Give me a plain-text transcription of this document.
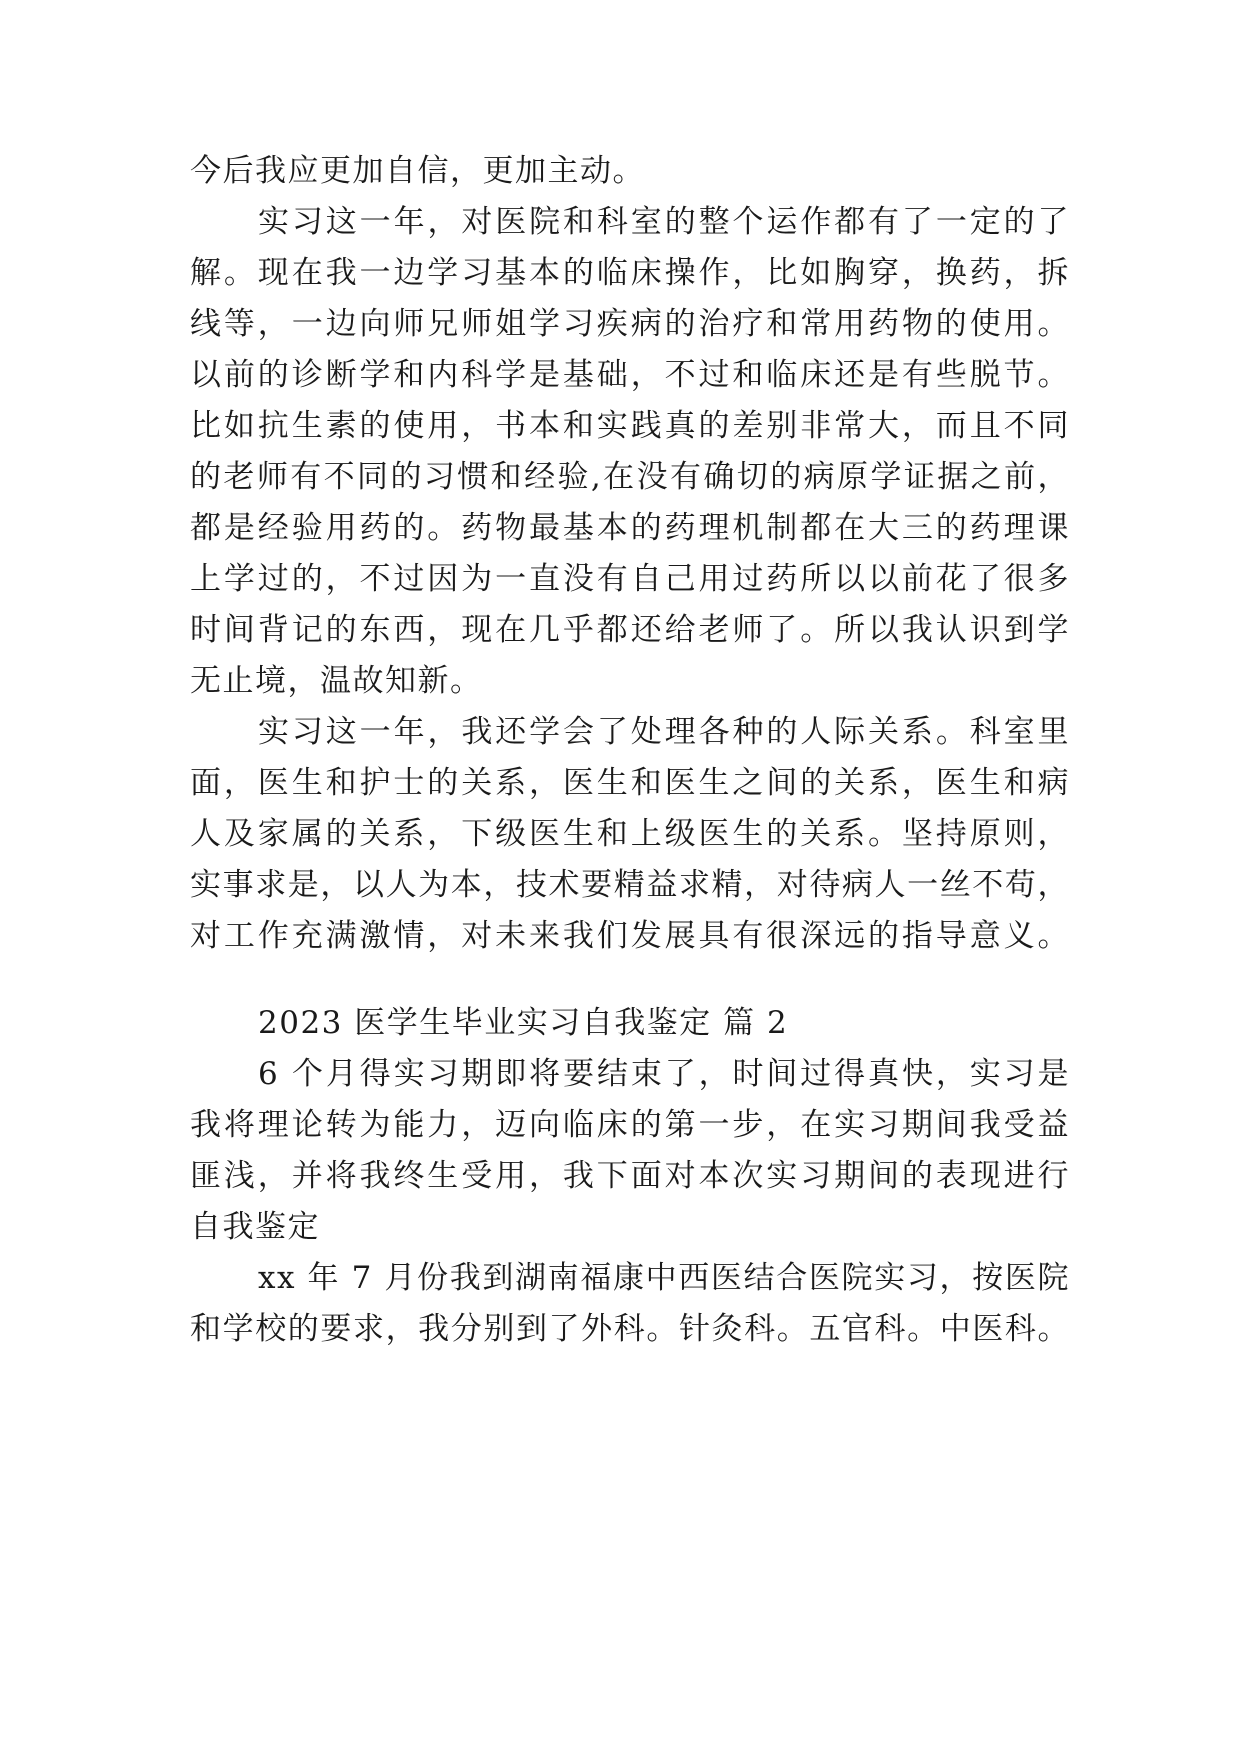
今后我应更加自信，更加主动。
实习这一年，对医院和科室的整个运作都有了一定的了
解。现在我一边学习基本的临床操作，比如胸穿，换药，拆
线等，一边向师兄师姐学习疾病的治疗和常用药物的使用。
以前的诊断学和内科学是基础，不过和临床还是有些脱节。
比如抗生素的使用，书本和实践真的差别非常大，而且不同
的老师有不同的习惯和经验,在没有确切的病原学证据之前，
都是经验用药的。药物最基本的药理机制都在大三的药理课
上学过的，不过因为一直没有自己用过药所以以前花了很多
时间背记的东西，现在几乎都还给老师了。所以我认识到学
无止境，温故知新。
实习这一年，我还学会了处理各种的人际关系。科室里
面，医生和护士的关系，医生和医生之间的关系，医生和病
人及家属的关系，下级医生和上级医生的关系。坚持原则，
实事求是，以人为本，技术要精益求精，对待病人一丝不苟，
对工作充满激情，对未来我们发展具有很深远的指导意义。
2023 医学生毕业实习自我鉴定 篇 2
6 个月得实习期即将要结束了，时间过得真快，实习是
我将理论转为能力，迈向临床的第一步，在实习期间我受益
匪浅，并将我终生受用，我下面对本次实习期间的表现进行
自我鉴定
xx 年 7 月份我到湖南福康中西医结合医院实习，按医院
和学校的要求，我分别到了外科。针灸科。五官科。中医科。
